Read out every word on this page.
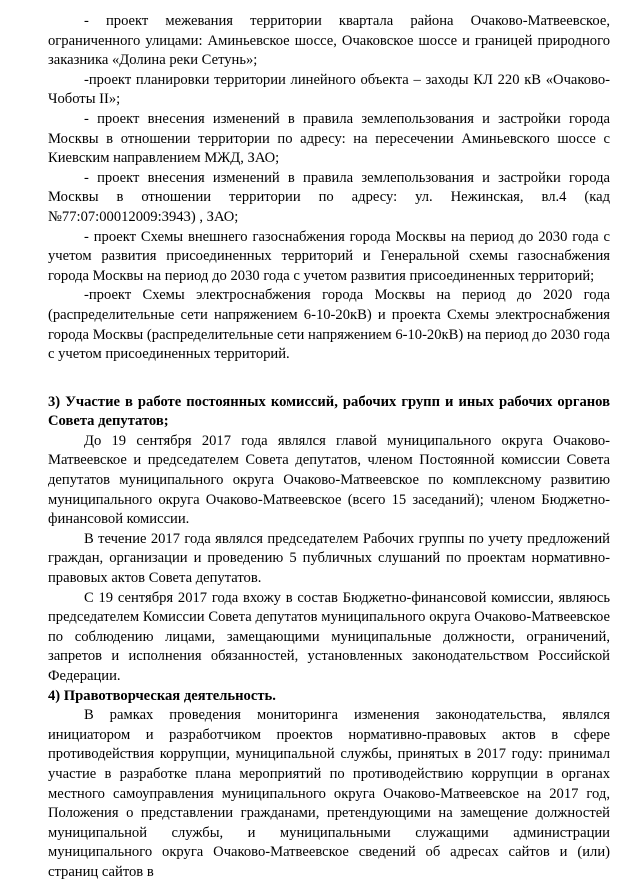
- проект межевания территории квартала района Очаково-Матвеевское, ограниченного улицами: Аминьевское шоссе, Очаковское шоссе и границей природного заказника «Долина реки Сетунь»;

-проект планировки территории линейного объекта – заходы КЛ 220 кВ «Очаково-Чоботы II»;

- проект внесения изменений в правила землепользования и застройки города Москвы в отношении территории по адресу: на пересечении Аминьевского шоссе с Киевским направлением МЖД, ЗАО;

- проект внесения изменений в правила землепользования и застройки города Москвы в отношении территории по адресу: ул. Нежинская, вл.4 (кад №77:07:00012009:3943) , ЗАО;

- проект Схемы внешнего газоснабжения города Москвы на период до 2030 года с учетом развития присоединенных территорий и Генеральной схемы газоснабжения города Москвы на период до 2030 года с учетом развития присоединенных территорий;

-проект Схемы электроснабжения города Москвы на период до 2020 года (распределительные сети напряжением 6-10-20кВ) и проекта Схемы электроснабжения города Москвы (распределительные сети напряжением 6-10-20кВ) на период до 2030 года с учетом присоединенных территорий.

3) Участие в работе постоянных комиссий, рабочих групп и иных рабочих органов Совета депутатов;

До 19 сентября 2017 года являлся главой муниципального округа Очаково-Матвеевское и председателем Совета депутатов, членом Постоянной комиссии Совета депутатов муниципального округа Очаково-Матвеевское по комплексному развитию муниципального округа Очаково-Матвеевское (всего 15 заседаний); членом Бюджетно-финансовой комиссии.

В течение 2017 года являлся председателем Рабочих группы по учету предложений граждан, организации и проведению 5 публичных слушаний по проектам нормативно-правовых актов Совета депутатов.

С 19 сентября 2017 года вхожу в состав Бюджетно-финансовой комиссии, являюсь председателем Комиссии Совета депутатов муниципального округа Очаково-Матвеевское по соблюдению лицами, замещающими муниципальные должности, ограничений, запретов и исполнения обязанностей, установленных законодательством Российской Федерации.

4) Правотворческая деятельность.

В рамках проведения мониторинга изменения законодательства, являлся инициатором и разработчиком проектов нормативно-правовых актов в сфере противодействия коррупции, муниципальной службы, принятых в 2017 году: принимал участие в разработке плана мероприятий по противодействию коррупции в органах местного самоуправления муниципального округа Очаково-Матвеевское на 2017 год, Положения о представлении гражданами, претендующими на замещение должностей муниципальной службы, и муниципальными служащими администрации муниципального округа Очаково-Матвеевское сведений об адресах сайтов и (или) страниц сайтов в
